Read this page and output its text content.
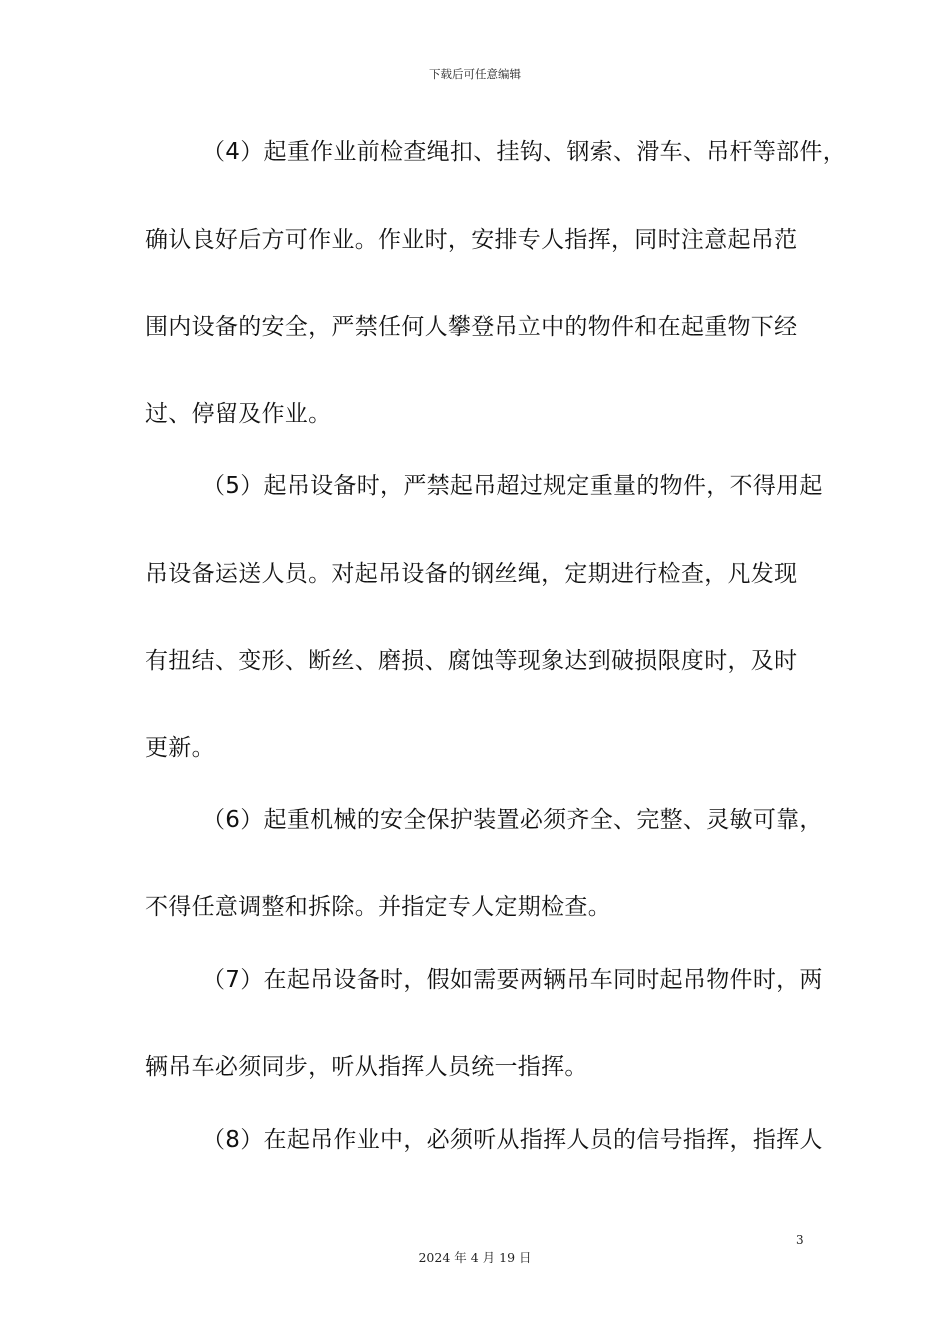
下载后可任意编辑
（4）起重作业前检查绳扣、挂钩、钢索、滑车、吊杆等部件，
确认良好后方可作业。作业时，安排专人指挥，同时注意起吊范
围内设备的安全，严禁任何人攀登吊立中的物件和在起重物下经
过、停留及作业。
（5）起吊设备时，严禁起吊超过规定重量的物件，不得用起
吊设备运送人员。对起吊设备的钢丝绳，定期进行检查，凡发现
有扭结、变形、断丝、磨损、腐蚀等现象达到破损限度时，及时
更新。
（6）起重机械的安全保护装置必须齐全、完整、灵敏可靠，
不得任意调整和拆除。并指定专人定期检查。
（7）在起吊设备时，假如需要两辆吊车同时起吊物件时，两
辆吊车必须同步，听从指挥人员统一指挥。
（8）在起吊作业中，必须听从指挥人员的信号指挥，指挥人
3
2024 年 4 月 19 日
